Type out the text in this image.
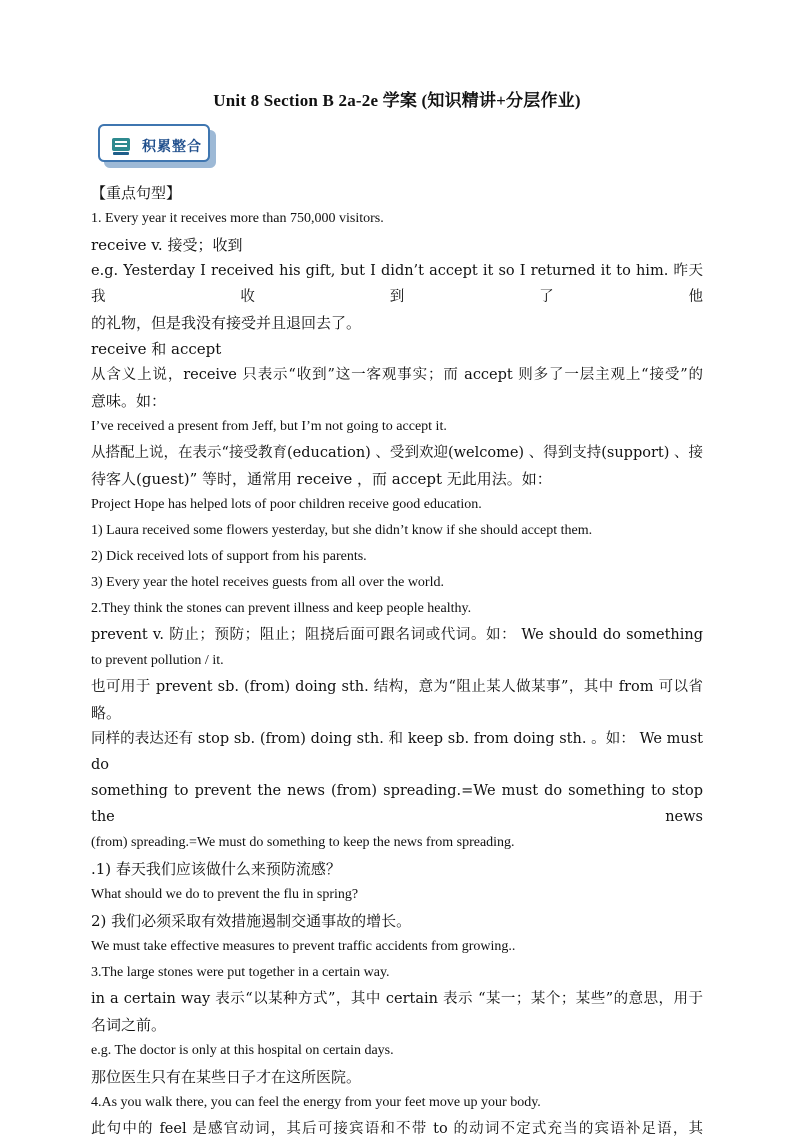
Unit 8 Section B 2a-2e 学案 (知识精讲+分层作业)
积累整合
【重点句型】
1. Every year it receives more than 750,000 visitors.
receive v. 接受；收到
e.g. Yesterday I received his gift, but I didn’t accept it so I returned it to him. 昨天我收到了他
的礼物，但是我没有接受并且退回去了。
receive 和 accept
从含义上说，receive 只表示“收到”这一客观事实；而 accept 则多了一层主观上“接受”的
意味。如：
I’ve received a present from Jeff, but I’m not going to accept it.
从搭配上说，在表示“接受教育(education) 、受到欢迎(welcome) 、得到支持(support) 、接
待客人(guest)” 等时，通常用 receive ，而 accept 无此用法。如：
Project Hope has helped lots of poor children receive good education.
1) Laura received some flowers yesterday, but she didn’t know if she should accept them.
2) Dick received lots of support from his parents.
3) Every year the hotel receives guests from all over the world.
2.They think the stones can prevent illness and keep people healthy.
prevent v. 防止；预防；阻止；阻挠后面可跟名词或代词。如： We should do something
to prevent pollution / it.
也可用于 prevent sb. (from) doing sth. 结构，意为“阻止某人做某事”，其中 from 可以省
略。
同样的表达还有 stop sb. (from) doing sth. 和 keep sb. from doing sth. 。如： We must do
something to prevent the news (from) spreading.=We must do something to stop the news
(from) spreading.=We must do something to keep the news from spreading.
.1) 春天我们应该做什么来预防流感？
What should we do to prevent the flu in spring?
2) 我们必须采取有效措施遏制交通事故的增长。
We must take effective measures to prevent traffic accidents from growing..
3.The large stones were put together in a certain way.
in a certain way 表示“以某种方式”，其中 certain 表示 “某一；某个；某些”的意思，用于
名词之前。
e.g. The doctor is only at this hospital on certain days.
那位医生只有在某些日子才在这所医院。
4.As you walk there, you can feel the energy from your feet move up your body.
此句中的 feel 是感官动词，其后可接宾语和不带 to 的动词不定式充当的宾语补足语，其
